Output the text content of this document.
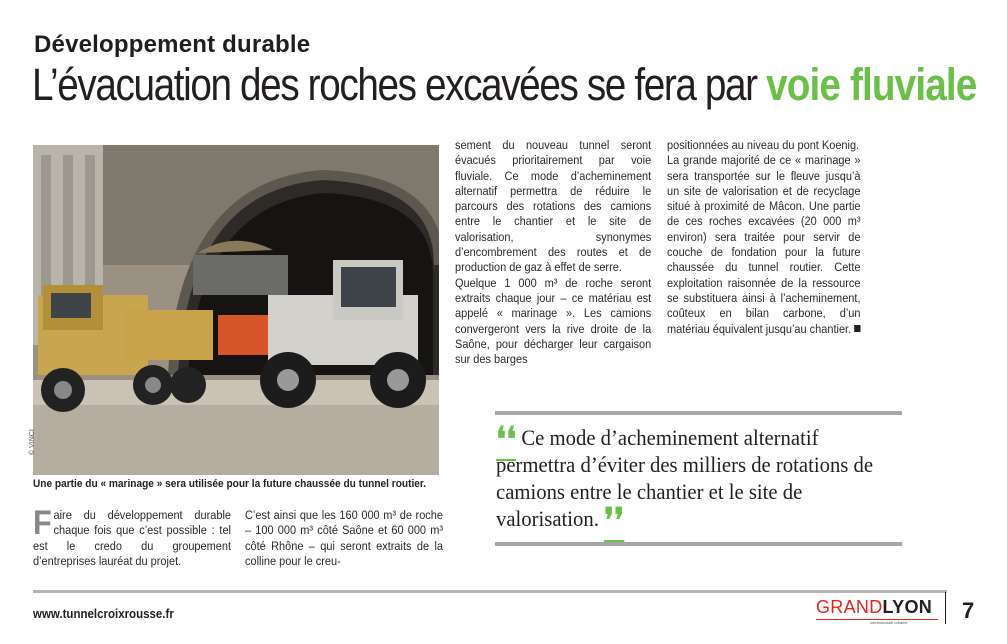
Développement durable
L’évacuation des roches excavées se fera par voie fluviale
© VINCI
Une partie du « marinage » sera utilisée pour la future chaussée du tunnel routier.

sement du nouveau tunnel seront évacués prioritairement par voie fluviale. Ce mode d’acheminement alternatif permettra de réduire le parcours des rotations des camions entre le chantier et le site de valorisation, synonymes d’encombrement des routes et de production de gaz à effet de serre.

Quelque 1 000 m³ de roche seront extraits chaque jour – ce matériau est appelé « marinage ». Les camions convergeront vers la rive droite de la Saône, pour décharger leur cargaison sur des barges

positionnées au niveau du pont Koenig.

La grande majorité de ce « marinage » sera transportée sur le fleuve jusqu’à un site de valorisation et de recyclage situé à proximité de Mâcon. Une partie de ces roches excavées (20 000 m³ environ) sera traitée pour servir de couche de fondation pour la future chaussée du tunnel routier. Cette exploitation raisonnée de la ressource se substituera ainsi à l’acheminement, coûteux en bilan carbone, d’un matériau équivalent jusqu’au chantier.

Faire du développement durable chaque fois que c’est possible : tel est le credo du groupement d’entreprises lauréat du projet.

C’est ainsi que les 160 000 m³ de roche – 100 000 m³ côté Saône et 60 000 m³ côté Rhône – qui seront extraits de la colline pour le creu-

❛❛ Ce mode d’acheminement alternatif permettra d’éviter des milliers de rotations de camions entre le chantier et le site de valorisation. ❜❜
www.tunnelcroixrousse.fr	GRANDLYON
communauté urbaine 7
